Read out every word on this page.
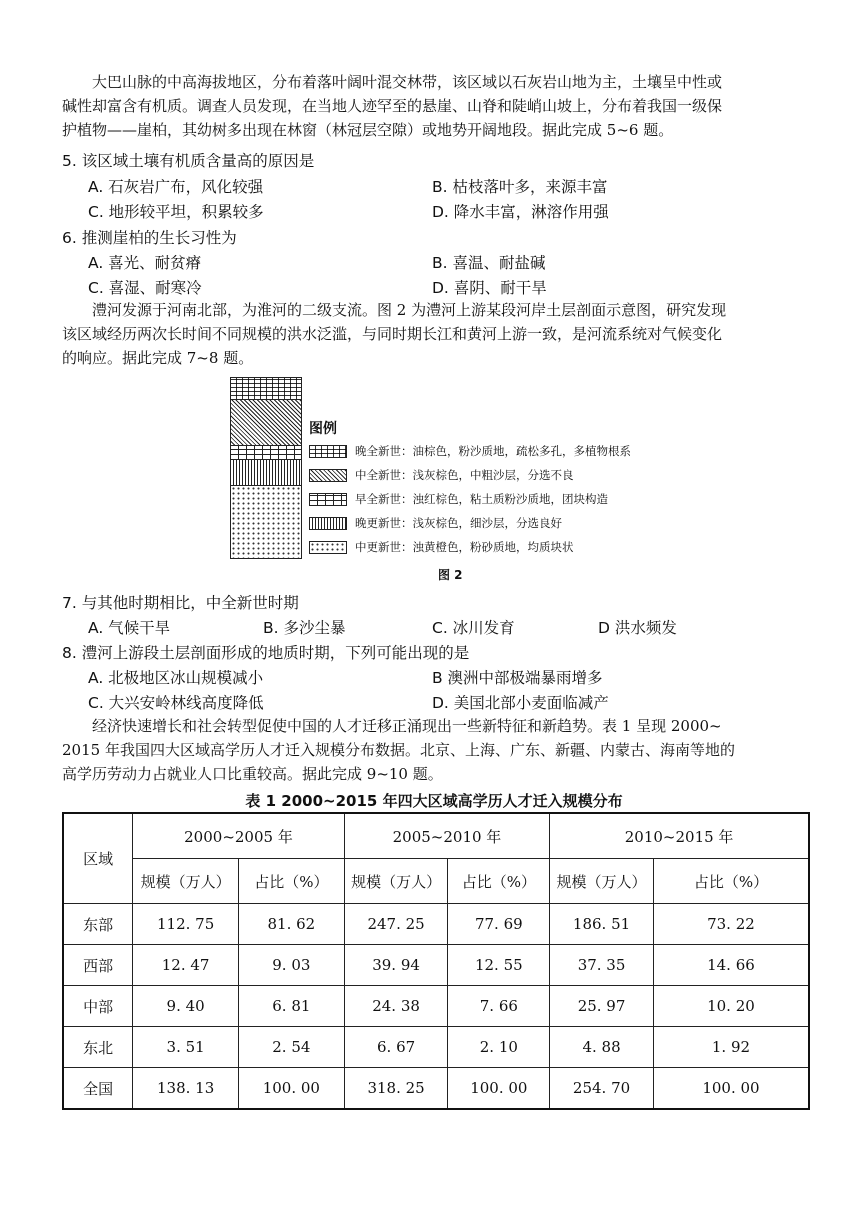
大巴山脉的中高海拔地区，分布着落叶阔叶混交林带，该区域以石灰岩山地为主，土壤呈中性或
碱性却富含有机质。调查人员发现，在当地人迹罕至的悬崖、山脊和陡峭山坡上，分布着我国一级保
护植物——崖柏，其幼树多出现在林窗（林冠层空隙）或地势开阔地段。据此完成 5~6 题。
5. 该区域土壤有机质含量高的原因是
A. 石灰岩广布，风化较强	B. 枯枝落叶多，来源丰富
C. 地形较平坦，积累较多	D. 降水丰富，淋溶作用强
6. 推测崖柏的生长习性为
A. 喜光、耐贫瘠	B. 喜温、耐盐碱
C. 喜湿、耐寒冷	D. 喜阴、耐干旱
澧河发源于河南北部，为淮河的二级支流。图 2 为澧河上游某段河岸土层剖面示意图，研究发现
该区域经历两次长时间不同规模的洪水泛滥，与同时期长江和黄河上游一致，是河流系统对气候变化
的响应。据此完成 7~8 题。
图例
晚全新世：油棕色，粉沙质地，疏松多孔，多植物根系
中全新世：浅灰棕色，中粗沙层，分选不良
早全新世：浊红棕色，粘土质粉沙质地，团块构造
晚更新世：浅灰棕色，细沙层，分选良好
中更新世：浊黄橙色，粉砂质地，均质块状
图 2
7. 与其他时期相比，中全新世时期
A. 气候干旱	B. 多沙尘暴	C. 冰川发育	D 洪水频发
8. 澧河上游段土层剖面形成的地质时期，下列可能出现的是
A. 北极地区冰山规模减小	B 澳洲中部极端暴雨增多
C. 大兴安岭林线高度降低	D. 美国北部小麦面临减产
经济快速增长和社会转型促使中国的人才迁移正涌现出一些新特征和新趋势。表 1 呈现 2000~
2015 年我国四大区域高学历人才迁入规模分布数据。北京、上海、广东、新疆、内蒙古、海南等地的
高学历劳动力占就业人口比重较高。据此完成 9~10 题。
表 1 2000~2015 年四大区域高学历人才迁入规模分布
区域	2000~2005 年		2005~2010 年		2010~2015 年	
	规模（万人）	占比（%）	规模（万人）	占比（%）	规模（万人）	占比（%）
东部	112. 75	81. 62	247. 25	77. 69	186. 51	73. 22
西部	12. 47	9. 03	39. 94	12. 55	37. 35	14. 66
中部	9. 40	6. 81	24. 38	7. 66	25. 97	10. 20
东北	3. 51	2. 54	6. 67	2. 10	4. 88	1. 92
全国	138. 13	100. 00	318. 25	100. 00	254. 70	100. 00
